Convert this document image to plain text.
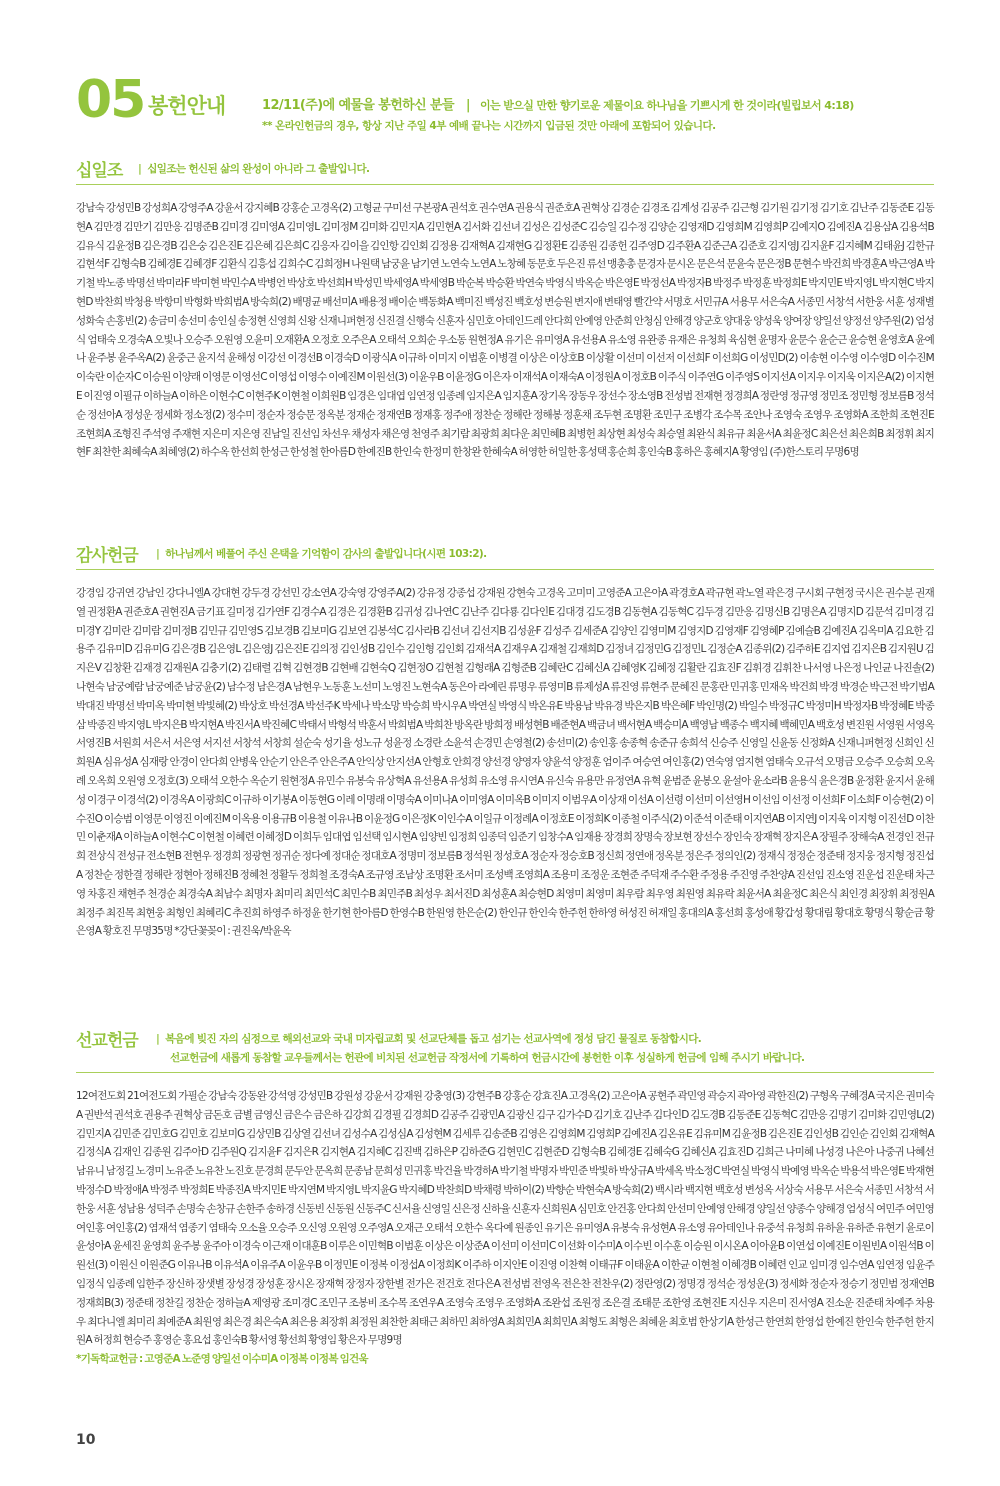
05 봉헌안내	12/11(주)에 예물을 봉헌하신 분들 | 이는 받으실 만한 향기로운 제물이요 하나님을 기쁘시게 한 것이라(빌립보서 4:18)
** 온라인헌금의 경우, 항상 지난 주일 4부 예배 끝나는 시간까지 입금된 것만 아래에 포함되어 있습니다.
십일조 | 십일조는 헌신된 삶의 완성이 아니라 그 출발입니다.
강남숙 강성민B 강성희A 강영주A 강윤서 강지혜B 강홍순 고경옥(2) 고형균 구미선 구본광A 권석호 권수연A 권용식 권준호A 권혁상 김경순 김경조 김계성 김공주 김근형 김기원 김기정 김기호 김난주 김동준E 김동현A 김만경 김만기 김만응 김명준B 김미경 김미영A 김미영L 김미정M 김미화 김민지A 김민현A 김서화 김선녀 김성은 김성준C 김승일 김수정 김양순 김영재D 김영희M 김영희P 김예지O 김예진A 김용삼A 김용석B 김유식 김윤정B 김은경B 김은숭 김은진E 김은혜 김은희C 김응자 김이을 김인항 김인회 김정용 김재혁A 김재현G 김정환E 김종원 김종헌 김주영D 김주환A 김준근A 김준호 김지영J 김지윤F 김지혜M 김태윤J 김한규 김현석F 김형숙B 김혜경E 김혜경F 김환식 김흥섭 김희수C 김희정H 나원택 남궁윤 남기연 노연숙 노연A 노창혜 동문호 두은진 류선 맹총총 문경자 문시온 문은석 문윤숙 문은정B 문현수 박건희 박경훈A 박근영A 박기철 박노종 박명선 박미라F 박미현 박민수A 박병언 박상호 박선희H 박성민 박세영A 박세영B 박순복 박승환 박연숙 박영식 박옥순 박은영E 박정선A 박정자B 박정주 박정훈 박정희E 박지민E 박지영L 박지현C 박지현D 박찬희 박청용 박항미 박형화 박희범A 방숙희(2) 배명균 배선미A 배용정 배이순 백동화A 백미진 백성진 백호성 변승원 변지애 변태영 빨간약 서명호 서민규A 서용무 서은숙A 서종민 서창석 서한웅 서훈 성재별 성화숙 손홍빈(2) 송금미 송선미 송인실 송정현 신영희 신왕 신재니퍼현정 신진결 신행숙 신훈자 심민호 아데인드레 안다희 안예영 안준희 안청심 안해경 양군호 양대웅 양성욱 양여장 양일선 양정선 양주원(2) 엄성식 엄태숙 오경숙A 오빛나 오승주 오원영 오윤미 오재환A 오정호 오주은A 오태석 오희순 우소동 원현정A 유기은 유미영A 유선용A 유소영 유완종 유재은 유청희 육심현 윤명자 윤문수 윤순근 윤승현 윤영호A 윤예나 윤주봉 윤주옥A(2) 윤중근 윤지석 윤해성 이강선 이경선B 이경숙D 이광식A 이규하 이미지 이범훈 이병결 이상은 이상호B 이상활 이선미 이선저 이선희F 이선희G 이성민D(2) 이송현 이수영 이수영D 이수진M 이숙란 이순자C 이승원 이양래 이영문 이영선C 이영섭 이영수 이예진M 이원선(3) 이윤우B 이윤정G 이은자 이재석A 이재숙A 이정원A 이정호B 이주식 이주연G 이주영S 이지선A 이지우 이지욱 이지은A(2) 이지현E 이진영 이필규 이하늘A 이하은 이현수C 이현주K 이현철 이희원B 임경은 임대엽 임연정 임종례 임지은A 임지훈A 장기옥 장동우 장선수 장소영B 전성범 전재현 정경희A 정란영 정규영 정민조 정민형 정보름B 정석순 정선아A 정성운 정세화 정소정(2) 정수미 정순자 정승문 정옥분 정재순 정재연B 정재홍 정주애 정찬순 정해란 정해봉 정훈채 조두현 조명환 조민구 조병각 조수목 조안나 조영숙 조영우 조영화A 조한희 조현진E 조현희A 조형진 주석영 주재현 지은미 지은영 진남일 진선임 차선우 채성자 채은영 천영주 최기람 최광희 최다운 최민혜B 최병헌 최상현 최성숙 최승열 최완식 최유규 최윤서A 최윤정C 최은선 최은희B 최정휘 최지현F 최찬한 최혜숙A 최혜영(2) 하수옥 한선희 한성근 한성철 한아름D 한예진B 한인숙 한정미 한창완 한혜숙A 허영한 허일한 홍성택 홍순희 홍인숙B 홍하은 홍혜지A 황영임 (주)한스토리 무명6명
감사헌금 | 하나님께서 베풀어 주신 은택을 기억함이 감사의 출발입니다(시편 103:2).
강경임 강귀연 강남인 강다니엘A 강대현 강두경 강선민 강소연A 강숙영 강영주A(2) 강유정 강종섭 강재원 강현숙 고경옥 고미미 고영준A 고은아A 곽경호A 곽규현 곽노열 곽은경 구시회 구현정 국시은 권수분 권재열 권정환A 권준호A 권현진A 금기표 길미정 김가연F 김경수A 김경은 김경환B 김귀성 김나연C 김난주 김다룡 김다인E 김대경 김도경B 김동현A 김동혁C 김두경 김만응 김명신B 김명은A 김명지D 김문석 김미경 김미경Y 김미란 김미람 김미정B 김민규 김민영S 김보경B 김보미G 김보연 김봉석C 김사라B 김선녀 김선지B 김성윤F 김성주 김세준A 김양인 김영미M 김영지D 김영재F 김영혜P 김예슬B 김예진A 김옥미A 김요한 김용주 김유미D 김유미G 김은경B 김은영L 김은영J 김은진E 김의정 김인성B 김인수 김인형 김인회 김재석A 김재우A 김재철 김재희D 김정녀 김정민G 김정민L 김정순A 김종위(2) 김주하E 김지엽 김지은B 김지원U 김지은V 김창환 김재경 김재원A 김충기(2) 김태렬 김혁 김현경B 김현배 김현숙Q 김현정O 김현철 김형래A 김형준B 김혜란C 김혜신A 김혜영K 김혜정 김활란 김효진F 김휘경 김휘찬 나서영 나은정 나인균 나진솔(2) 나현숙 남궁예람 남궁예준 남궁윤(2) 남수정 남은경A 남현우 노동훈 노선미 노영진 노현숙A 동은아 라예린 류명우 류영미B 류제성A 류진영 류현주 문혜진 문홍란 민귀홍 민재옥 박건희 박경 박경순 박근전 박기범A 박대진 박명선 박미옥 박미현 박빛혜(2) 박상호 박선경A 박선주K 박세나 박소망 박승희 박시우A 박연실 박영식 박온유E 박용남 박유경 박은지B 박은혜F 박인명(2) 박일수 박정규C 박정미H 박정자B 박정혜E 박종삼 박종진 박지영L 박지은B 박지현A 박진서A 박진혜C 박태서 박형석 박훈서 박희범A 박희찬 방옥란 방희정 배성현B 배준현A 백금녀 백서현A 백승미A 백영남 백종수 백지혜 백혜민A 백호성 변진원 서영원 서영옥 서영진B 서원희 서은서 서은영 서지선 서창석 서창희 설순숙 성기율 성노규 성윤정 소경란 소윤석 손경민 손영철(2) 송선미(2) 송인홍 송종혁 송준규 송희석 신승주 신영일 신윤동 신정화A 신재니퍼현정 신희인 신희원A 심유성A 심재랑 안경이 안다희 안병욱 안순기 안은주 안은주A 안익상 안지선A 안형호 안희경 양선경 양영자 양윤석 양정훈 엄이주 여승연 여인홍(2) 연숙영 염지현 염태숙 오규석 오명금 오승주 오승희 오옥례 오옥희 오원영 오정호(3) 오태석 오한수 옥순기 원현정A 유민수 유봉숙 유상혁A 유선용A 유성희 유소영 유시연A 유신숙 유용만 유정연A 유혁 윤범준 윤봉오 윤설아 윤소라B 윤용식 윤은경B 윤정환 윤지서 윤해성 이경구 이경석(2) 이경옥A 이광희C 이규하 이기봉A 이동현G 이레 이명래 이명숙A 이미나A 이미영A 이미옥B 이미지 이범우A 이상재 이선A 이선령 이선미 이선영H 이선임 이선정 이선희F 이소희F 이승현(2) 이수진O 이승범 이영문 이영진 이예진M 이옥용 이용규B 이용철 이유나B 이윤정G 이은정K 이인수A 이일규 이정례A 이정호E 이정희K 이종철 이주식(2) 이준석 이준태 이지연AB 이지연J 이지욱 이지형 이진선D 이찬민 이춘재A 이하늘A 이현수C 이현철 이혜련 이혜정D 이희두 임대엽 임선택 임시현A 임양빈 임정희 임종덕 임준기 임창수A 임재용 장경희 장명숙 장보현 장선수 장인숙 장재혁 장지은A 장필주 장해숙A 전경인 전규희 전상식 전성규 전소현B 전현우 정경희 정광현 정귀순 정다예 정대순 정대호A 정명미 정보름B 정석원 정성호A 정순자 정승호B 정신희 정연애 정옥분 정은주 정의인(2) 정재식 정정순 정준태 정지웅 정지형 정진섭A 정찬순 정한결 정해란 정현아 정해진B 정혜천 정활두 정희철 조경숙A 조규영 조남상 조명환 조서미 조성백 조영희A 조용미 조정운 조현준 주덕재 주수환 주정용 주진영 주찬양A 진선임 진소영 진운섭 진운태 차근영 차홍진 채현주 천경순 최경숙A 최남수 최명자 최미리 최민석C 최민수B 최민주B 최성우 최서진D 최성훈A 최승현D 최영미 최영미 최우람 최우영 최원영 최유락 최윤서A 최윤정C 최은식 최인경 최장휘 최정원A 최정주 최진목 최현웅 최형인 최혜리C 추진희 하영주 하정윤 한기현 한아름D 한영수B 한원영 한은순(2) 한인규 한인숙 한주헌 한하영 허성진 허재일 홍대의A 홍선희 홍성애 황갑성 황대림 황대호 황명식 황순금 황은영A 황호진 무명35명 *강단꽃꽂이 : 권진욱/박윤옥
선교헌금 | 복음에 빚진 자의 심정으로 해외선교와 국내 미자립교회 및 선교단체를 돕고 섬기는 선교사역에 정성 담긴 물질로 동참합시다.
선교헌금에 새롭게 동참할 교우들께서는 헌관에 비치된 선교헌금 작정서에 기록하여 헌금시간에 봉헌한 이후 성실하게 헌금에 임해 주시기 바랍니다.
12여전도회 21여전도회 가필순 강남숙 강동완 강석영 강성민B 강원성 강윤서 강재원 강충영(3) 강현주B 강홍순 강효진A 고경옥(2) 고은아A 공현주 곽민영 곽승지 곽아영 곽한진(2) 구형옥 구혜경A 국지은 권미숙A 권반석 권석호 권용주 권혁상 금돈호 금별 금영신 금은수 금은하 김강희 김경필 김경희D 김공주 김광민A 김광신 김구 김가수D 김기호 김난주 김다인D 김도경B 김동준E 김동혁C 김만응 김명기 김미화 김민영L(2) 김민지A 김민준 김민호G 김민호 김보미G 김상민B 김상열 김선녀 김성수A 김성심A 김성현M 김세루 김송준B 김영은 김영희M 김영희P 김예진A 김온유E 김유미M 김윤정B 김은진E 김인성B 김인순 김인회 김재혁A 김정식A 김재인 김종원 김주아D 김주원Q 김지윤F 김지은R 김지현A 김지혜C 김진백 김하은P 김하준G 김현민C 김현준D 김형숙B 김혜경E 김혜숙G 김혜신A 김효진D 김희근 나미혜 나성경 나은아 나중귀 나혜선 남유니 남정길 노경미 노유준 노유찬 노진호 문경희 문두안 문옥희 문종남 문희성 민귀홍 박건율 박경하A 박기철 박명자 박민준 박빛하 박상규A 박세옥 박소정C 박연실 박영식 박예영 박옥순 박용석 박은영E 박재현 박정수D 박정애A 박정주 박정희E 박종진A 박지민E 박지연M 박지영L 박지윤G 박지혜D 박찬희D 박채령 박하이(2) 박향순 박현숙A 방숙희(2) 백시라 백지현 백호성 변성옥 서상숙 서용무 서은숙 서종민 서창석 서한웅 서훈 성남용 성덕주 손명숙 손창규 손한주 송하경 신동빈 신동원 신동주C 신서율 신영일 신은정 신하율 신훈자 신희원A 심민호 안건홍 안다희 안선미 안예영 안해경 양일선 양종수 양해경 엄성식 여민주 여민영 여인홍 여인홍(2) 염재석 염종기 염태숙 오소율 오승주 오신영 오원영 오주영A 오재근 오태석 오한수 옥다예 원종인 유기은 유미영A 유봉숙 유성현A 유소영 유아데인나 유중석 유청희 유하윤 유하준 유현기 윤로이 윤성아A 윤세진 윤영희 윤주봉 윤주아 이경숙 이근재 이대훈B 이루은 이민혁B 이범훈 이상은 이상준A 이선미 이선미C 이선화 이수미A 이수빈 이수훈 이승원 이시온A 이아윤B 이연섭 이예진E 이원빈A 이원석B 이원선(3) 이원신 이원준G 이유나B 이유석A 이유주A 이윤우B 이정민E 이정복 이정섭A 이정희K 이주하 이지안E 이진영 이찬혁 이태규F 이태윤A 이한균 이현철 이혜경B 이혜련 인교 임미경 임수연A 임연정 임윤주 임정식 임종례 임한주 장신하 장샛별 장성경 장성훈 장시온 장재혁 장정자 장한별 전가은 전건호 전다은A 전성범 전영옥 전은찬 전찬우(2) 정란영(2) 정명경 정석순 정성운(3) 정세화 정순자 정승기 정민범 정재연B 정재희B(3) 정준태 정찬길 정찬순 정하늘A 제영광 조미경C 조민구 조봉비 조수목 조연우A 조영숙 조영우 조영화A 조완섭 조원정 조은결 조태문 조한영 조현진E 지신우 지은미 진서영A 진소운 진준태 차예주 차용우 최다니엘 최미리 최예준A 최원영 최은경 최은숙A 최은용 최장휘 최정원 최찬한 최태근 최하민 최하영A 최희민A 최희민A 최형도 최형은 최혜윤 최호범 한상기A 한성근 한연희 한영섭 한예진 한인숙 한주헌 한지원A 허정희 현승주 홍영순 홍요섭 홍인숙B 황서영 황선희 황영임 황은자 무명9명
*기독학교헌금 : 고영준A 노준영 양일선 이수미A 이정복 이정복 임건욱
10
